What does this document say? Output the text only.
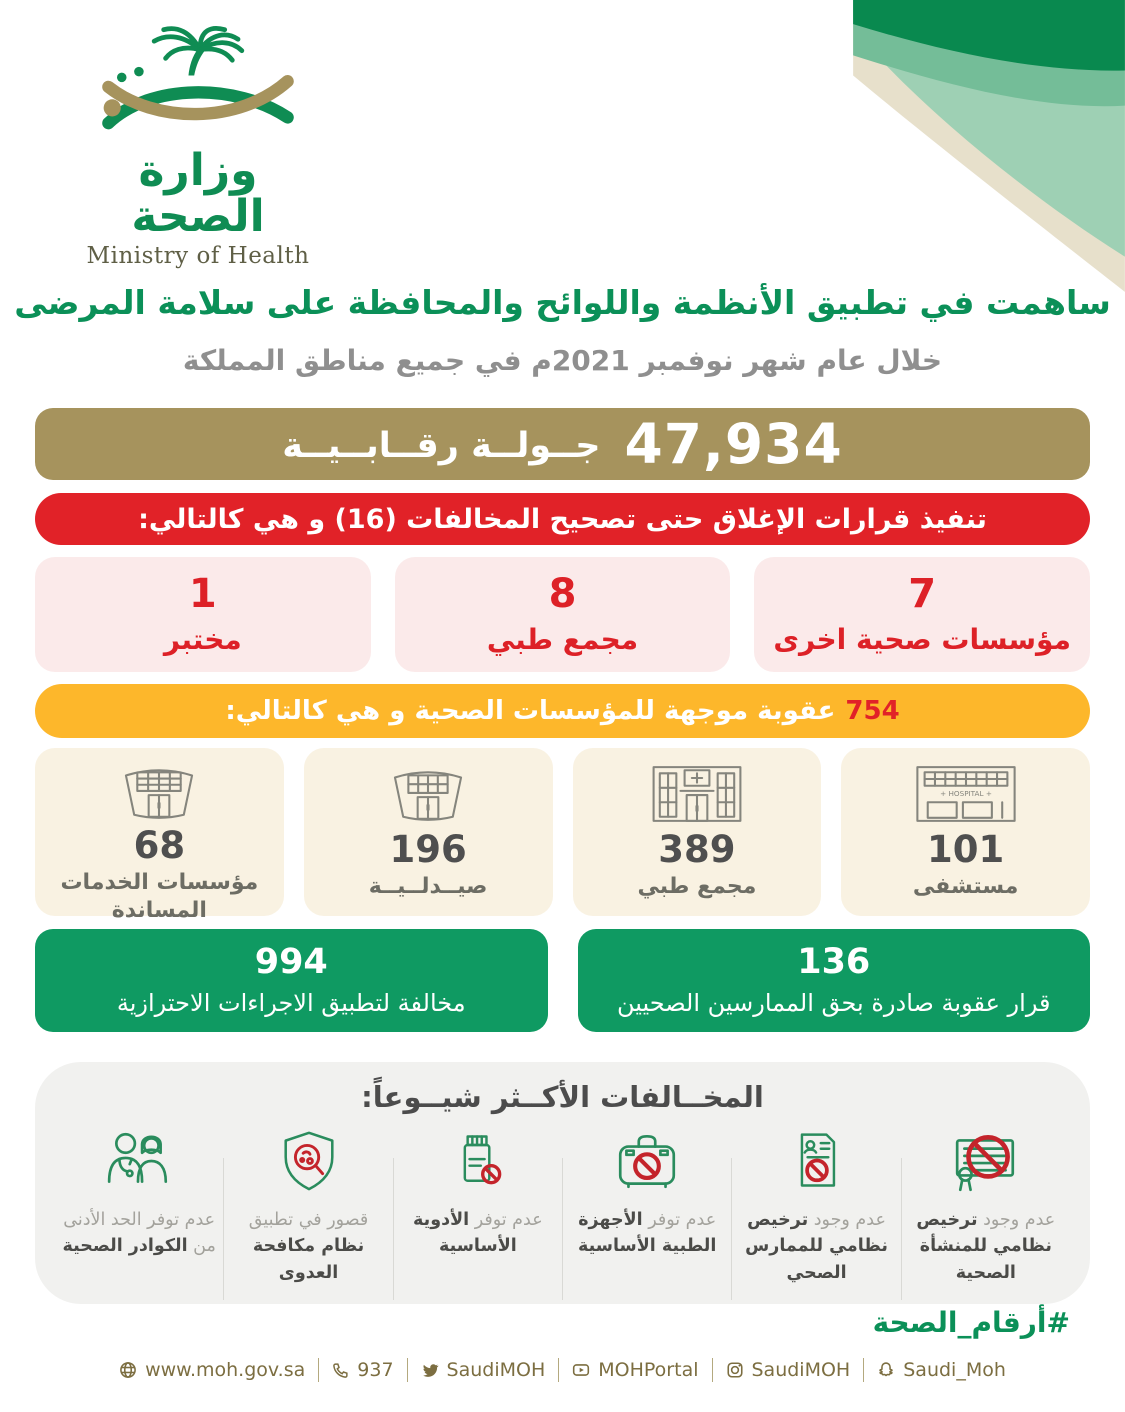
وزارة الصحة
Ministry of Health
ساهمت في تطبيق الأنظمة واللوائح والمحافظة على سلامة المرضى
خلال عام شهر نوفمبر 2021م في جميع مناطق المملكة
47,934
جــولــة رقــابــيــة
تنفيذ قرارات الإغلاق حتى تصحيح المخالفات (16) و هي كالتالي:
7
مؤسسات صحية اخرى
8
مجمع طبي
1
مختبر
754
عقوبة موجهة للمؤسسات الصحية و هي كالتالي:
+ HOSPITAL +
101
مستشفى
389
مجمع طبي
196
صيــدلــيــة
68
مؤسسات الخدمات المساندة
136
قرار عقوبة صادرة بحق الممارسين الصحيين
994
مخالفة لتطبيق الاجراءات الاحترازية
المخــالفات الأكــثر شيــوعاً:
عدم وجود ترخيص نظامي للمنشأة الصحية
عدم وجود ترخيص نظامي للممارس الصحي
عدم توفر الأجهزة الطبية الأساسية
عدم توفر الأدوية الأساسية
قصور في تطبيق نظام مكافحة العدوى
عدم توفر الحد الأدنى من الكوادر الصحية
#أرقام_الصحة
www.moh.gov.sa	937	SaudiMOH	MOHPortal	SaudiMOH	Saudi_Moh
